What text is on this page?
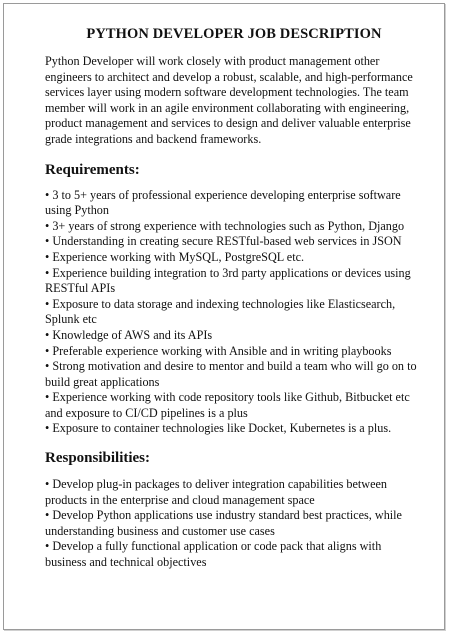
PYTHON DEVELOPER JOB DESCRIPTION

Python Developer will work closely with product management other engineers to architect and develop a robust, scalable, and high-performance services layer using modern software development technologies. The team member will work in an agile environment collaborating with engineering, product management and services to design and deliver valuable enterprise grade integrations and backend frameworks.

Requirements:
• 3 to 5+ years of professional experience developing enterprise software using Python
• 3+ years of strong experience with technologies such as Python, Django
• Understanding in creating secure RESTful-based web services in JSON
• Experience working with MySQL, PostgreSQL etc.
• Experience building integration to 3rd party applications or devices using RESTful APIs
• Exposure to data storage and indexing technologies like Elasticsearch, Splunk etc
• Knowledge of AWS and its APIs
• Preferable experience working with Ansible and in writing playbooks
• Strong motivation and desire to mentor and build a team who will go on to build great applications
• Experience working with code repository tools like Github, Bitbucket etc and exposure to CI/CD pipelines is a plus
• Exposure to container technologies like Docket, Kubernetes is a plus.
Responsibilities:
• Develop plug-in packages to deliver integration capabilities between products in the enterprise and cloud management space
• Develop Python applications use industry standard best practices, while understanding business and customer use cases
• Develop a fully functional application or code pack that aligns with business and technical objectives
